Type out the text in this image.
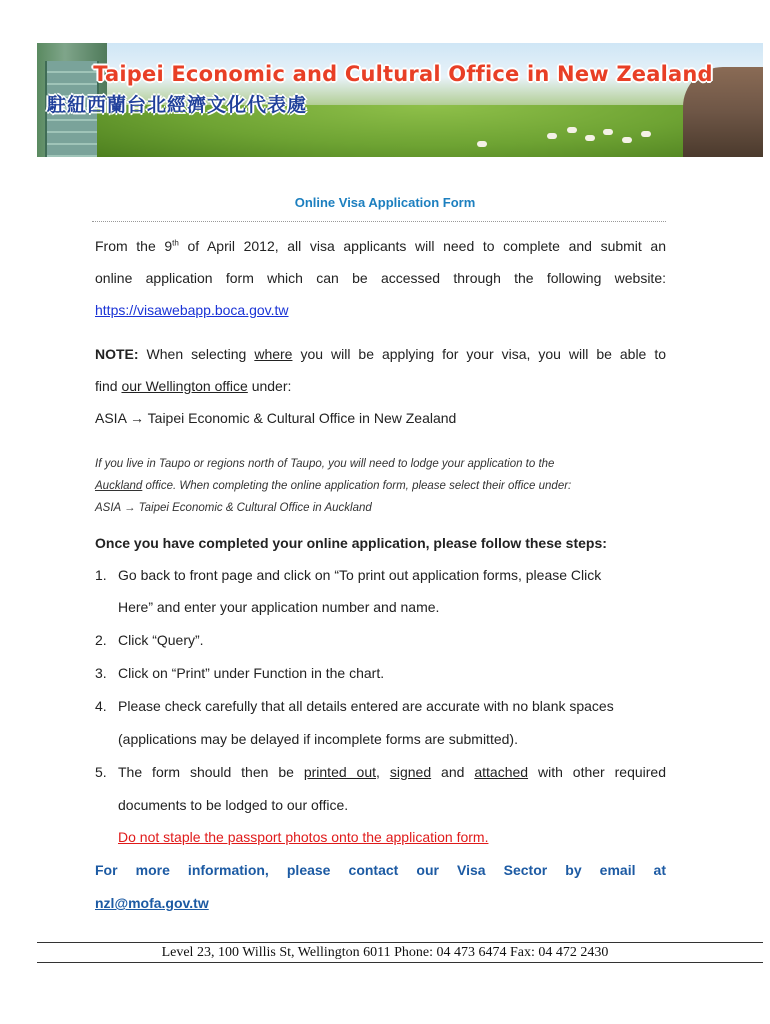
Taipei Economic and Cultural Office in New Zealand
駐紐西蘭台北經濟文化代表處
Online Visa Application Form
From the 9th of April 2012, all visa applicants will need to complete and submit an
online application form which can be accessed through the following website:
https://visawebapp.boca.gov.tw
NOTE: When selecting where you will be applying for your visa, you will be able to
find our Wellington office under:
ASIA → Taipei Economic & Cultural Office in New Zealand
If you live in Taupo or regions north of Taupo, you will need to lodge your application to the
Auckland office. When completing the online application form, please select their office under:
ASIA → Taipei Economic & Cultural Office in Auckland
Once you have completed your online application, please follow these steps:
1. Go back to front page and click on “To print out application forms, please Click
Here” and enter your application number and name.
2. Click “Query”.
3. Click on “Print” under Function in the chart.
4. Please check carefully that all details entered are accurate with no blank spaces
(applications may be delayed if incomplete forms are submitted).
5. The form should then be printed out, signed and attached with other required
documents to be lodged to our office.
Do not staple the passport photos onto the application form.
For more information, please contact our Visa Sector by email at
nzl@mofa.gov.tw
Level 23, 100 Willis St, Wellington 6011 Phone: 04 473 6474 Fax: 04 472 2430
